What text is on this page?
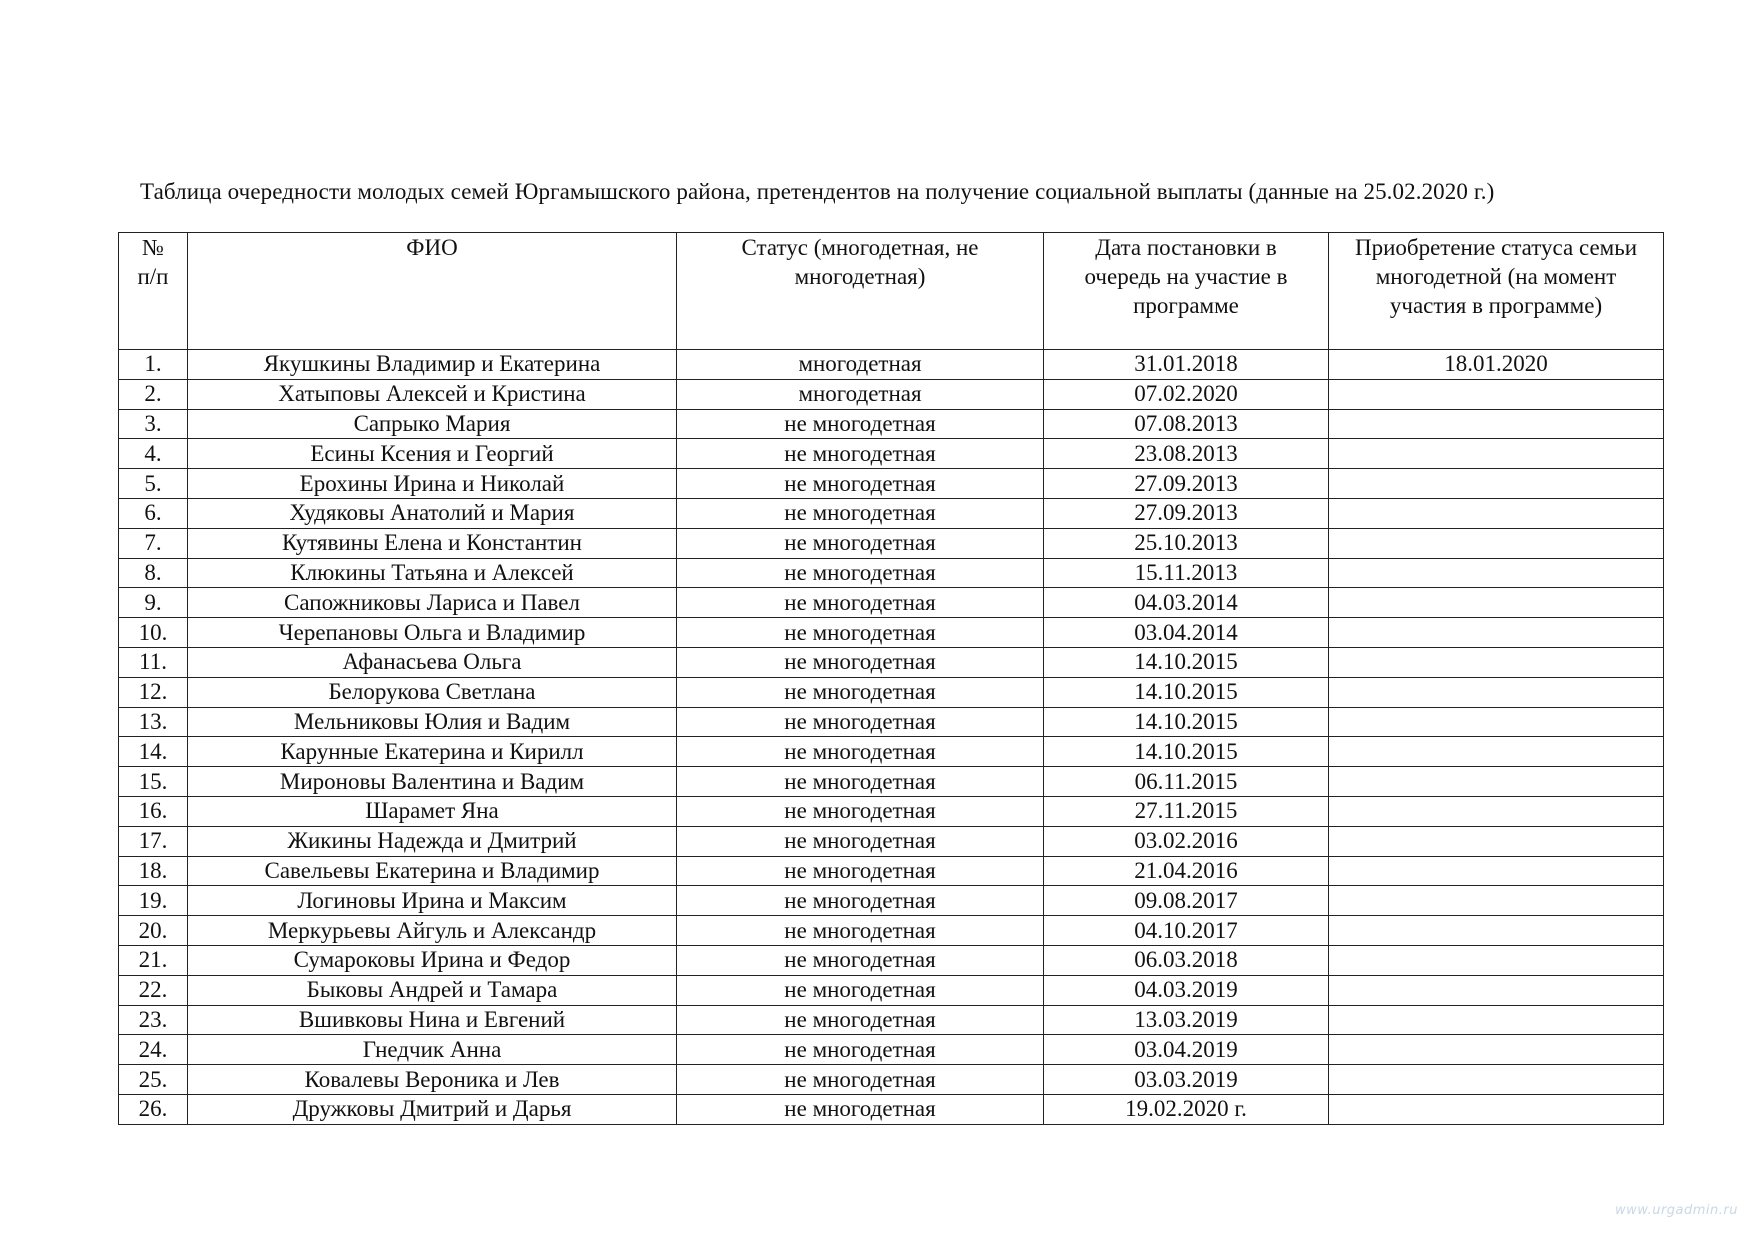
Таблица очередности молодых семей Юргамышского района, претендентов на получение социальной выплаты (данные на 25.02.2020 г.)
№ п/п	ФИО	Статус (многодетная, не многодетная)	Дата постановки в очередь на участие в программе	Приобретение статуса семьи многодетной (на момент участия в программе)

1.	Якушкины Владимир и Екатерина	многодетная	31.01.2018	18.01.2020
2.	Хатыповы Алексей и Кристина	многодетная	07.02.2020	
3.	Сапрыко Мария	не многодетная	07.08.2013	
4.	Есины Ксения и Георгий	не многодетная	23.08.2013	
5.	Ерохины Ирина и Николай	не многодетная	27.09.2013	
6.	Худяковы Анатолий и Мария	не многодетная	27.09.2013	
7.	Кутявины Елена и Константин	не многодетная	25.10.2013	
8.	Клюкины Татьяна и Алексей	не многодетная	15.11.2013	
9.	Сапожниковы Лариса и Павел	не многодетная	04.03.2014	
10.	Черепановы Ольга и Владимир	не многодетная	03.04.2014	
11.	Афанасьева Ольга	не многодетная	14.10.2015	
12.	Белорукова Светлана	не многодетная	14.10.2015	
13.	Мельниковы Юлия и Вадим	не многодетная	14.10.2015	
14.	Карунные Екатерина и Кирилл	не многодетная	14.10.2015	
15.	Мироновы Валентина и Вадим	не многодетная	06.11.2015	
16.	Шарамет Яна	не многодетная	27.11.2015	
17.	Жикины Надежда и Дмитрий	не многодетная	03.02.2016	
18.	Савельевы Екатерина и Владимир	не многодетная	21.04.2016	
19.	Логиновы Ирина и Максим	не многодетная	09.08.2017	
20.	Меркурьевы Айгуль и Александр	не многодетная	04.10.2017	
21.	Сумароковы Ирина и Федор	не многодетная	06.03.2018	
22.	Быковы Андрей и Тамара	не многодетная	04.03.2019	
23.	Вшивковы Нина и Евгений	не многодетная	13.03.2019	
24.	Гнедчик Анна	не многодетная	03.04.2019	
25.	Ковалевы Вероника и Лев	не многодетная	03.03.2019	
26.	Дружковы Дмитрий и Дарья	не многодетная	19.02.2020 г.	
www.urgadmin.ru
